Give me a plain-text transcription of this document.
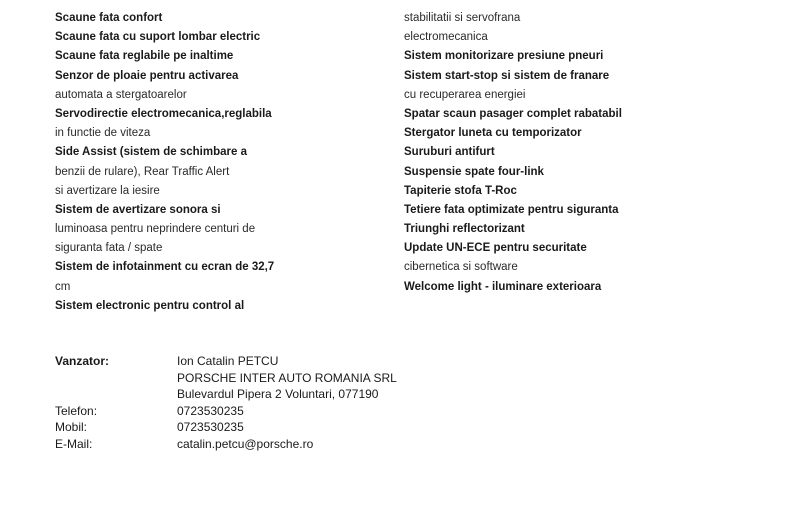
Scaune fata confort
Scaune fata cu suport lombar electric
Scaune fata reglabile pe inaltime
Senzor de ploaie pentru activarea
automata a stergatoarelor
Servodirectie electromecanica,reglabila
in functie de viteza
Side Assist (sistem de schimbare a
benzii de rulare), Rear Traffic Alert
si avertizare la iesire
Sistem de avertizare sonora si
luminoasa pentru neprindere centuri de
siguranta fata / spate
Sistem de infotainment cu ecran de 32,7
cm
Sistem electronic pentru control al
stabilitatii si servofrana
electromecanica
Sistem monitorizare presiune pneuri
Sistem start-stop si sistem de franare
cu recuperarea energiei
Spatar scaun pasager complet rabatabil
Stergator luneta cu temporizator
Suruburi antifurt
Suspensie spate four-link
Tapiterie stofa T-Roc
Tetiere fata optimizate pentru siguranta
Triunghi reflectorizant
Update UN-ECE pentru securitate
cibernetica si software
Welcome light - iluminare exterioara
Vanzator:	Ion Catalin PETCU
PORSCHE INTER AUTO ROMANIA SRL
Bulevardul Pipera 2 Voluntari, 077190
Telefon:	0723530235
Mobil:	0723530235
E-Mail:	catalin.petcu@porsche.ro
